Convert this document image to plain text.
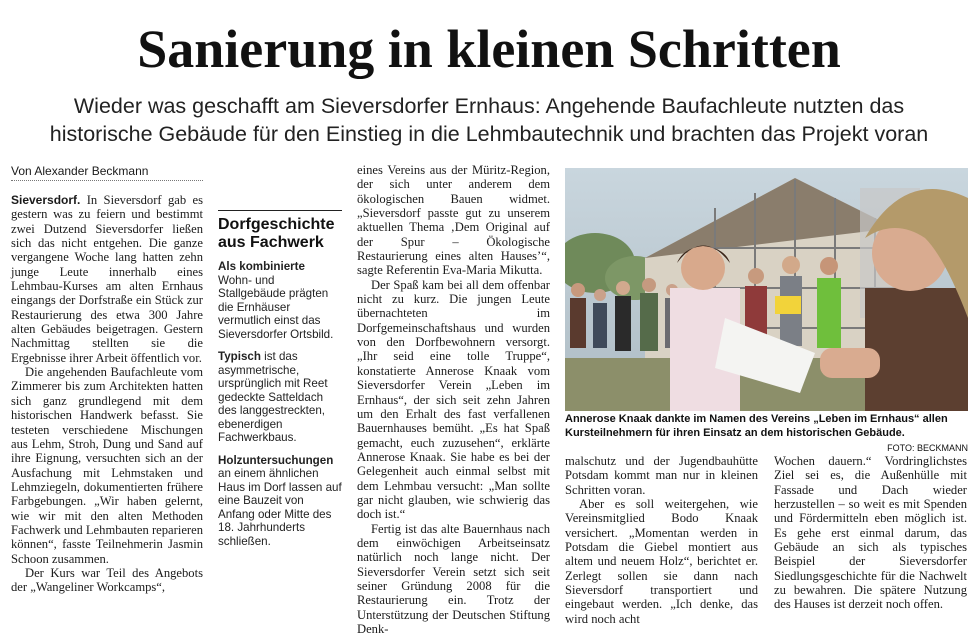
Sanierung in kleinen Schritten
Wieder was geschafft am Sieversdorfer Ernhaus: Angehende Baufachleute nutzten das
historische Gebäude für den Einstieg in die Lehmbautechnik und brachten das Projekt voran
Von Alexander Beckmann

Sieversdorf. In Sieversdorf gab es gestern was zu feiern und bestimmt zwei Dutzend Sieversdorfer ließen sich das nicht entgehen. Die ganze vergangene Woche lang hatten zehn junge Leute innerhalb eines Lehmbau-Kurses am alten Ernhaus eingangs der Dorfstraße ein Stück zur Restaurierung des etwa 300 Jahre alten Gebäudes beigetragen. Gestern Nachmittag stellten sie die Ergebnisse ihrer Arbeit öffentlich vor.

Die angehenden Baufachleute vom Zimmerer bis zum Architekten hatten sich ganz grundlegend mit dem historischen Handwerk befasst. Sie testeten verschiedene Mischungen aus Lehm, Stroh, Dung und Sand auf ihre Eignung, versuchten sich an der Ausfachung mit Lehmstaken und Lehmziegeln, dokumentierten frühere Farbgebungen. „Wir haben gelernt, wie wir mit den alten Methoden Fachwerk und Lehmbauten reparieren können“, fasste Teilnehmerin Jasmin Schoon zusammen.

Der Kurs war Teil des Angebots der „Wangeliner Workcamps“,

Dorfgeschichte aus Fachwerk

Als kombinierte Wohn- und Stallgebäude prägten die Ernhäuser vermutlich einst das Sieversdorfer Ortsbild.

Typisch ist das asymmetrische, ursprünglich mit Reet gedeckte Satteldach des langgestreckten, ebenerdigen Fachwerkbaus.

Holzuntersuchungen an einem ähnlichen Haus im Dorf lassen auf eine Bauzeit von Anfang oder Mitte des 18. Jahrhunderts schließen.

eines Vereins aus der Müritz-Region, der sich unter anderem dem ökologischen Bauen widmet. „Sieversdorf passte gut zu unserem aktuellen Thema ‚Dem Original auf der Spur – Ökologische Restaurierung eines alten Hauses’“, sagte Referentin Eva-Maria Mikutta.

Der Spaß kam bei all dem offenbar nicht zu kurz. Die jungen Leute übernachteten im Dorfgemeinschaftshaus und wurden von den Dorfbewohnern versorgt. „Ihr seid eine tolle Truppe“, konstatierte Annerose Knaak vom Sieversdorfer Verein „Leben im Ernhaus“, der sich seit zehn Jahren um den Erhalt des fast verfallenen Bauernhauses bemüht. „Es hat Spaß gemacht, euch zuzusehen“, erklärte Annerose Knaak. Sie habe es bei der Gelegenheit auch einmal selbst mit dem Lehmbau versucht: „Man sollte gar nicht glauben, wie schwierig das doch ist.“

Fertig ist das alte Bauernhaus nach dem einwöchigen Arbeitseinsatz natürlich noch lange nicht. Der Sieversdorfer Verein setzt sich seit seiner Gründung 2008 für die Restaurierung ein. Trotz der Unterstützung der Deutschen Stiftung Denk-

Annerose Knaak dankte im Namen des Vereins „Leben im Ernhaus“ allen Kursteilnehmern für ihren Einsatz an dem historischen Gebäude.
FOTO: BECKMANN

malschutz und der Jugendbauhütte Potsdam kommt man nur in kleinen Schritten voran.

Aber es soll weitergehen, wie Vereinsmitglied Bodo Knaak versichert. „Momentan werden in Potsdam die Giebel montiert aus altem und neuem Holz“, berichtet er. Zerlegt sollen sie dann nach Sieversdorf transportiert und eingebaut werden. „Ich denke, das wird noch acht

Wochen dauern.“ Vordringlichstes Ziel sei es, die Außenhülle mit Fassade und Dach wieder herzustellen – so weit es mit Spenden und Fördermitteln eben möglich ist. Es gehe erst einmal darum, das Gebäude an sich als typisches Beispiel der Sieversdorfer Siedlungsgeschichte für die Nachwelt zu bewahren. Die spätere Nutzung des Hauses ist derzeit noch offen.
